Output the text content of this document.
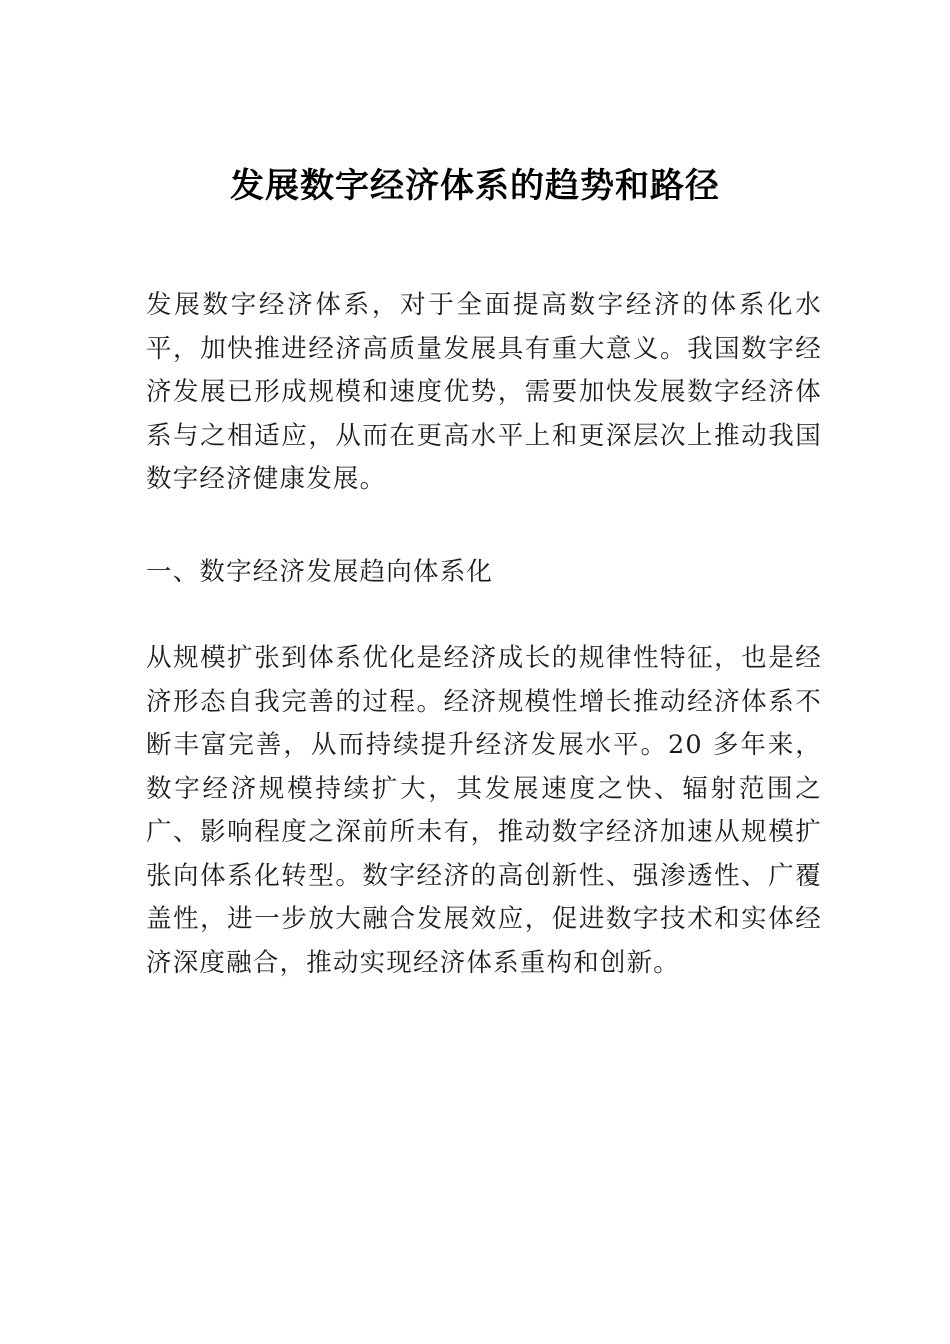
发展数字经济体系的趋势和路径

发展数字经济体系，对于全面提高数字经济的体系化水平，加快推进经济高质量发展具有重大意义。我国数字经济发展已形成规模和速度优势，需要加快发展数字经济体系与之相适应，从而在更高水平上和更深层次上推动我国数字经济健康发展。

一、数字经济发展趋向体系化

从规模扩张到体系优化是经济成长的规律性特征，也是经济形态自我完善的过程。经济规模性增长推动经济体系不断丰富完善，从而持续提升经济发展水平。20 多年来，数字经济规模持续扩大，其发展速度之快、辐射范围之广、影响程度之深前所未有，推动数字经济加速从规模扩张向体系化转型。数字经济的高创新性、强渗透性、广覆盖性，进一步放大融合发展效应，促进数字技术和实体经济深度融合，推动实现经济体系重构和创新。
